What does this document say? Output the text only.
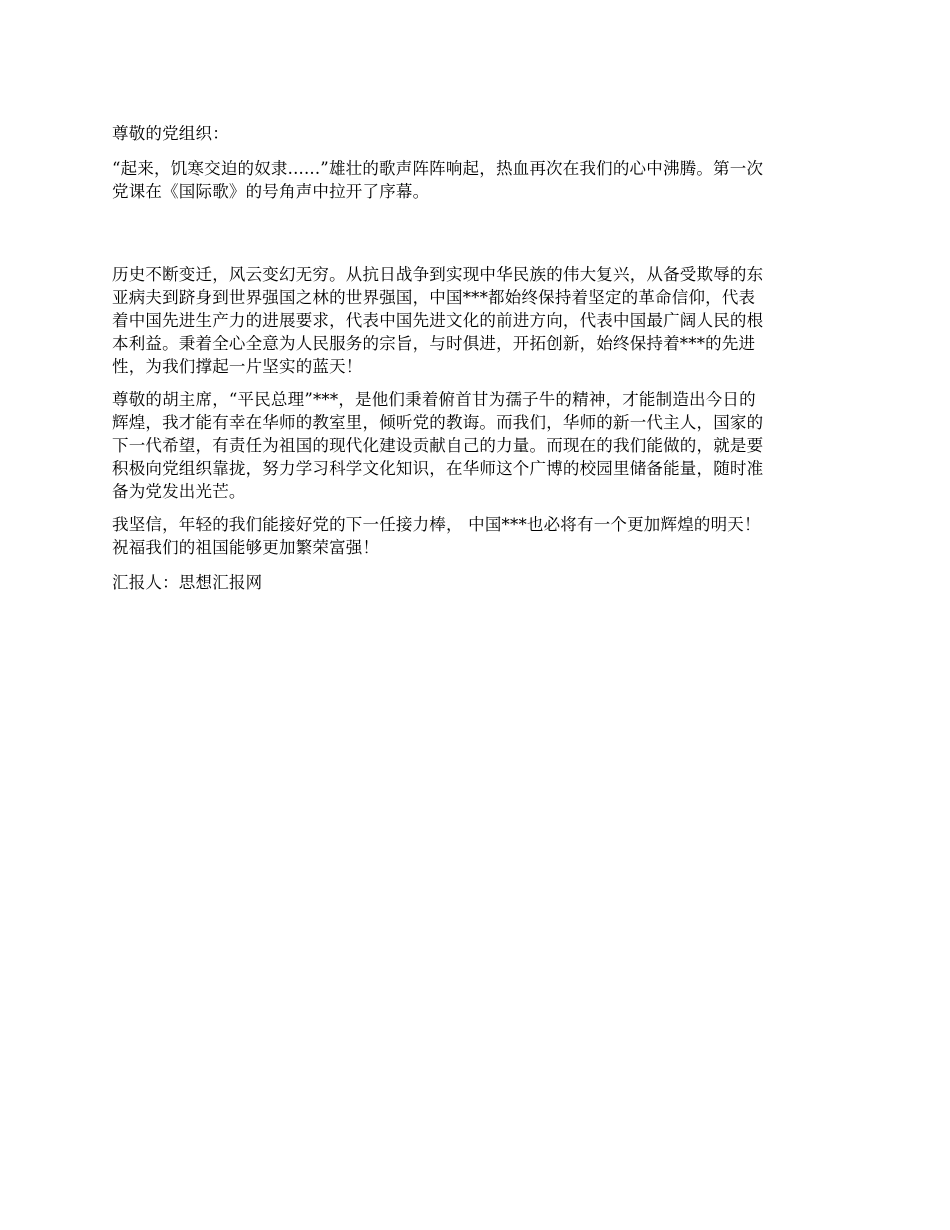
尊敬的党组织：

“起来，饥寒交迫的奴隶......”雄壮的歌声阵阵响起，热血再次在我们的心中沸腾。第一次
党课在《国际歌》的号角声中拉开了序幕。

历史不断变迁，风云变幻无穷。从抗日战争到实现中华民族的伟大复兴，从备受欺辱的东
亚病夫到跻身到世界强国之林的世界强国，中国***都始终保持着坚定的革命信仰，代表
着中国先进生产力的进展要求，代表中国先进文化的前进方向，代表中国最广阔人民的根
本利益。秉着全心全意为人民服务的宗旨，与时俱进，开拓创新，始终保持着***的先进
性，为我们撑起一片坚实的蓝天！

尊敬的胡主席，“平民总理”***，是他们秉着俯首甘为孺子牛的精神，才能制造出今日的
辉煌，我才能有幸在华师的教室里，倾听党的教诲。而我们，华师的新一代主人，国家的
下一代希望，有责任为祖国的现代化建设贡献自己的力量。而现在的我们能做的，就是要
积极向党组织靠拢，努力学习科学文化知识，在华师这个广博的校园里储备能量，随时准
备为党发出光芒。

我坚信，年轻的我们能接好党的下一任接力棒， 中国***也必将有一个更加辉煌的明天！
祝福我们的祖国能够更加繁荣富强！

汇报人：思想汇报网
